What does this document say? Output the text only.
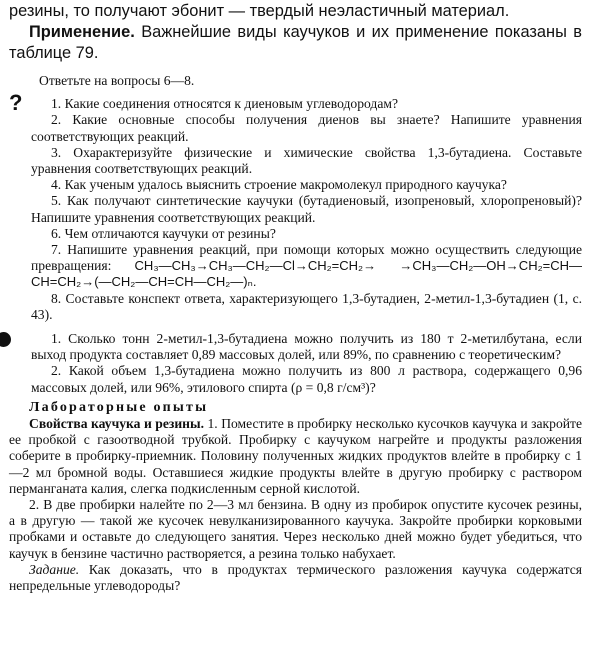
резины, то получают эбонит — твердый неэластичный материал.

Применение. Важнейшие виды каучуков и их применение показаны в таблице 79.

Ответьте на вопросы 6—8.

?	1. Какие соединения относятся к диеновым углеводородам?

2. Какие основные способы получения диенов вы знаете? Напишите уравнения соответствующих реакций.

3. Охарактеризуйте физические и химические свойства 1,3-бутадиена. Составьте уравнения соответствующих реакций.

4. Как ученым удалось выяснить строение макромолекул природного каучука?

5. Как получают синтетические каучуки (бутадиеновый, изопреновый, хлоропреновый)? Напишите уравнения соответствующих реакций.

6. Чем отличаются каучуки от резины?

7. Напишите уравнения реакций, при помощи которых можно осуществить следующие превращения: CH₃—CH₃→CH₃—CH₂—Cl→CH₂=CH₂→ →CH₃—CH₂—OH→CH₂=CH—CH=CH₂→(—CH₂—CH=CH—CH₂—)ₙ.

8. Составьте конспект ответа, характеризующего 1,3-бутадиен, 2-метил-1,3-бутадиен (1, с. 43).

1. Сколько тонн 2-метил-1,3-бутадиена можно получить из 180 т 2-метилбутана, если выход продукта составляет 0,89 массовых долей, или 89%, по сравнению с теоретическим?

2. Какой объем 1,3-бутадиена можно получить из 800 л раствора, содержащего 0,96 массовых долей, или 96%, этилового спирта (ρ = 0,8 г/см³)?

Лабораторные опыты

Свойства каучука и резины. 1. Поместите в пробирку несколько кусочков каучука и закройте ее пробкой с газоотводной трубкой. Пробирку с каучуком нагрейте и продукты разложения соберите в пробирку-приемник. Половину полученных жидких продуктов влейте в пробирку с 1—2 мл бромной воды. Оставшиеся жидкие продукты влейте в другую пробирку с раствором перманганата калия, слегка подкисленным серной кислотой.

2. В две пробирки налейте по 2—3 мл бензина. В одну из пробирок опустите кусочек резины, а в другую — такой же кусочек невулканизированного каучука. Закройте пробирки корковыми пробками и оставьте до следующего занятия. Через несколько дней можно будет убедиться, что каучук в бензине частично растворяется, а резина только набухает.

Задание. Как доказать, что в продуктах термического разложения каучука содержатся непредельные углеводороды?
